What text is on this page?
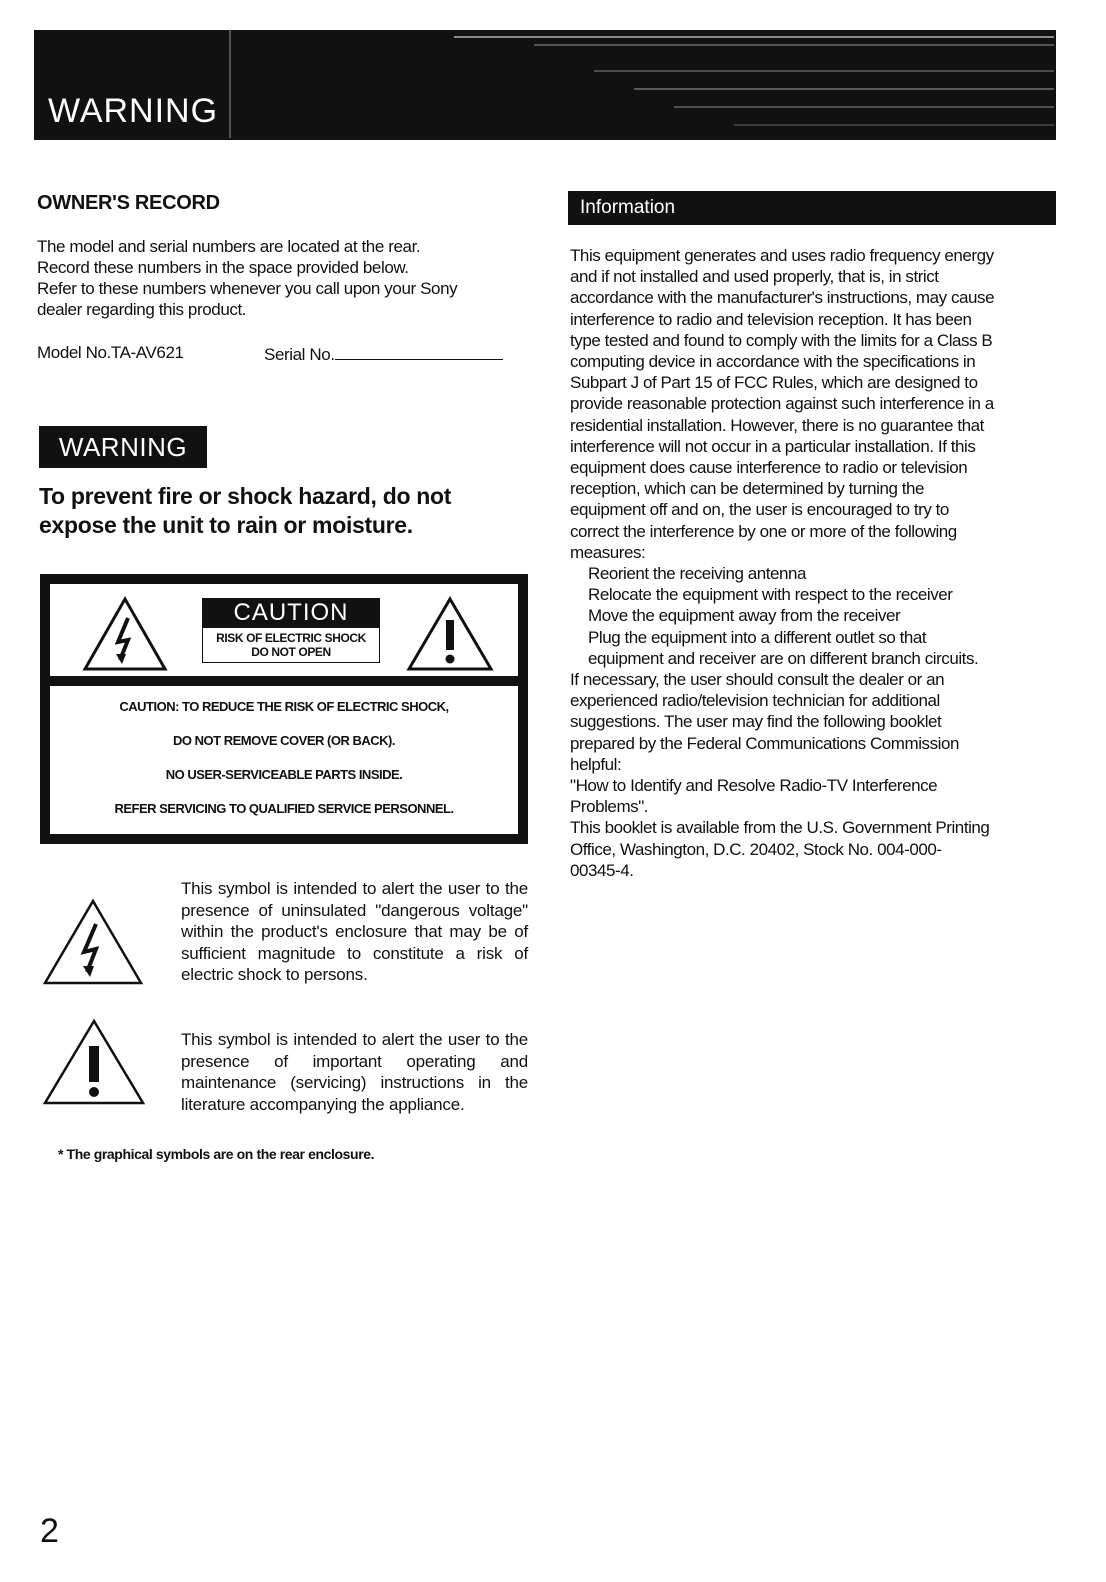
WARNING
OWNER'S RECORD
The model and serial numbers are located at the rear.
Record these numbers in the space provided below.
Refer to these numbers whenever you call upon your Sony
dealer regarding this product.
Model No.TA-AV621	Serial No.
WARNING
To prevent fire or shock hazard, do not
expose the unit to rain or moisture.
CAUTION
RISK OF ELECTRIC SHOCK
DO NOT OPEN
CAUTION: TO REDUCE THE RISK OF ELECTRIC SHOCK,
DO NOT REMOVE COVER (OR BACK).
NO USER-SERVICEABLE PARTS INSIDE.
REFER SERVICING TO QUALIFIED SERVICE PERSONNEL.
This symbol is intended to alert the user to the presence of uninsulated "dangerous voltage" within the product's enclosure that may be of sufficient magnitude to constitute a risk of electric shock to persons.
This symbol is intended to alert the user to the presence of important operating and maintenance (servicing) instructions in the literature accompanying the appliance.
* The graphical symbols are on the rear enclosure.
Information
This equipment generates and uses radio frequency energy
and if not installed and used properly, that is, in strict
accordance with the manufacturer's instructions, may cause
interference to radio and television reception. It has been
type tested and found to comply with the limits for a Class B
computing device in accordance with the specifications in
Subpart J of Part 15 of FCC Rules, which are designed to
provide reasonable protection against such interference in a
residential installation. However, there is no guarantee that
interference will not occur in a particular installation. If this
equipment does cause interference to radio or television
reception, which can be determined by turning the
equipment off and on, the user is encouraged to try to
correct the interference by one or more of the following
measures:
Reorient the receiving antenna
Relocate the equipment with respect to the receiver
Move the equipment away from the receiver
Plug the equipment into a different outlet so that
equipment and receiver are on different branch circuits.
If necessary, the user should consult the dealer or an
experienced radio/television technician for additional
suggestions. The user may find the following booklet
prepared by the Federal Communications Commission
helpful:
"How to Identify and Resolve Radio-TV Interference
Problems".
This booklet is available from the U.S. Government Printing
Office, Washington, D.C. 20402, Stock No. 004-000-
00345-4.
2
